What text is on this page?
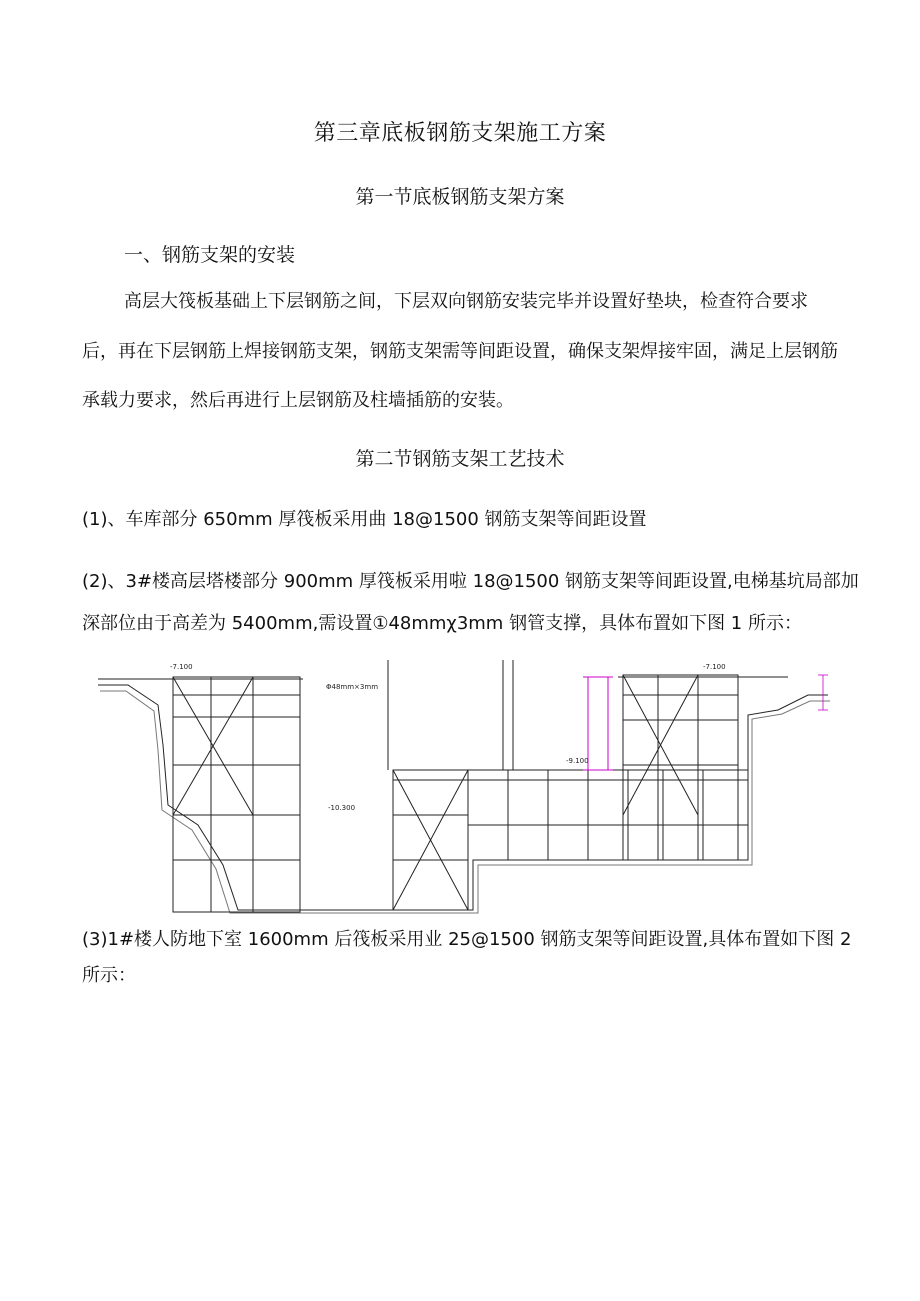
第三章底板钢筋支架施工方案
第一节底板钢筋支架方案
一、钢筋支架的安装
高层大筏板基础上下层钢筋之间，下层双向钢筋安装完毕并设置好垫块，检查符合要求
后，再在下层钢筋上焊接钢筋支架，钢筋支架需等间距设置，确保支架焊接牢固，满足上层钢筋
承载力要求，然后再进行上层钢筋及柱墙插筋的安装。
第二节钢筋支架工艺技术
(1)、车库部分 650mm 厚筏板采用曲 18@1500 钢筋支架等间距设置
(2)、3#楼高层塔楼部分 900mm 厚筏板采用啦 18@1500 钢筋支架等间距设置,电梯基坑局部加
深部位由于高差为 5400mm,需设置①48mmχ3mm 钢管支撑，具体布置如下图 1 所示：
-7.100	-7.100
-9.100
-10.300
Φ48mm×3mm
(3)1#楼人防地下室 1600mm 后筏板采用业 25@1500 钢筋支架等间距设置,具体布置如下图 2
所示：
